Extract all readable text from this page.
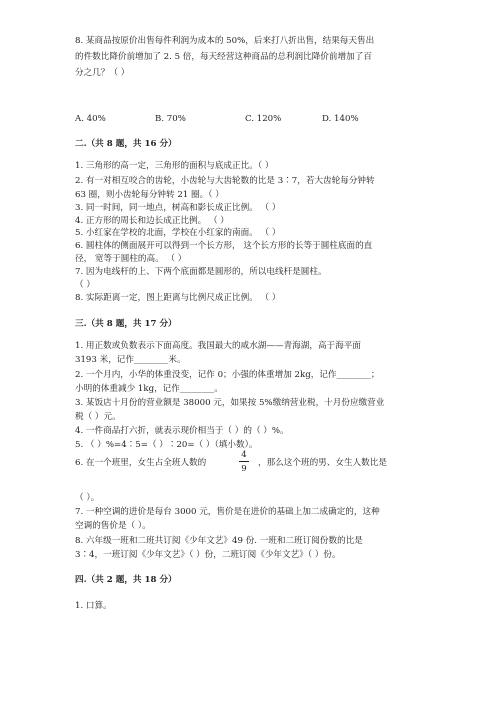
8. 某商品按原价出售每件利润为成本的 50%，后来打八折出售，结果每天售出
的件数比降价前增加了 2. 5 倍，每天经营这种商品的总利润比降价前增加了百
分之几？（ ）
A. 40%	B. 70%	C. 120%	D. 140%
二.（共 8 题，共 16 分）
1. 三角形的高一定，三角形的面积与底成正比。（ ）
2. 有一对相互咬合的齿轮，小齿轮与大齿轮数的比是 3∶7，若大齿轮每分钟转
63 圈，则小齿轮每分钟转 21 圈。（ ）
3. 同一时间，同一地点，树高和影长成正比例。 （ ）
4. 正方形的周长和边长成正比例。 （ ）
5. 小红家在学校的北面，学校在小红家的南面。 （ ）
6. 圆柱体的侧面展开可以得到一个长方形， 这个长方形的长等于圆柱底面的直
径， 宽等于圆柱的高。 （ ）
7. 因为电线杆的上、下两个底面都是圆形的，所以电线杆是圆柱。
（ ）
8. 实际距离一定，图上距离与比例尺成正比例。 （ ）
三.（共 8 题，共 17 分）
1. 用正数或负数表示下面高度。我国最大的咸水湖——青海湖，高于海平面
3193 米，记作________米。
2. 一个月内，小华的体重没变，记作 0；小强的体重增加 2kg，记作________；
小明的体重减少 1kg，记作________。
3. 某饭店十月份的营业额是 38000 元，如果按 5%缴纳营业税，十月份应缴营业
税（ ）元。
4. 一件商品打六折，就表示现价相当于（ ）的（ ）%。
5. （ ）%=4∶5=（ ）∶20=（ ）（填小数）。
6. 在一个班里，女生占全班人数的
4
9
，那么这个班的男、女生人数比是
（ ）。
7. 一种空调的进价是每台 3000 元，售价是在进价的基础上加二成确定的，这种
空调的售价是（ ）。
8. 六年级一班和二班共订阅《少年文艺》49 份. 一班和二班订阅份数的比是
3∶4，一班订阅《少年文艺》（ ）份，二班订阅《少年文艺》（ ）份。
四.（共 2 题，共 18 分）
1. 口算。
